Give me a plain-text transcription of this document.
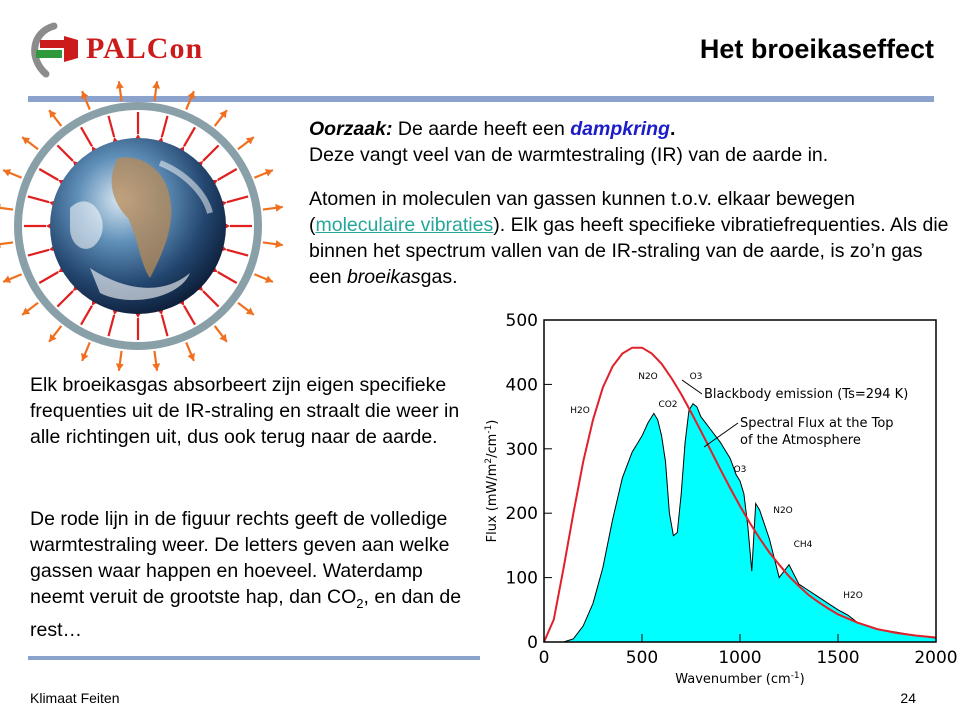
PALCon	Het broeikaseffect

Oorzaak: De aarde heeft een dampkring.

Deze vangt veel van de warmtestraling (IR) van de aarde in.

Atomen in moleculen van gassen kunnen t.o.v. elkaar bewegen (moleculaire vibraties). Elk gas heeft specifieke vibratiefrequenties. Als die binnen het spectrum vallen van de IR-straling van de aarde, is zo’n gas een broeikasgas.

Elk broeikasgas absorbeert zijn eigen specifieke frequenties uit de IR-straling en straalt die weer in alle richtingen uit, dus ook terug naar de aarde.

De rode lijn in de figuur rechts geeft de volledige warmtestraling weer. De letters geven aan welke gassen waar happen en hoeveel. Waterdamp neemt veruit de grootste hap, dan $CO_2$, en dan de rest…

0	500	1000	1500	2000
0
100
200
300
400
500
H2O
N2O	O3
CO2
O3
N2O
CH4
H2O
Blackbody emission (Ts=294 K)
Spectral Flux at the Top
of the Atmosphere
Wavenumber $(cm^{-1})$
Flux $(mW/m^2/cm^{-1})$
Klimaat Feiten	24
